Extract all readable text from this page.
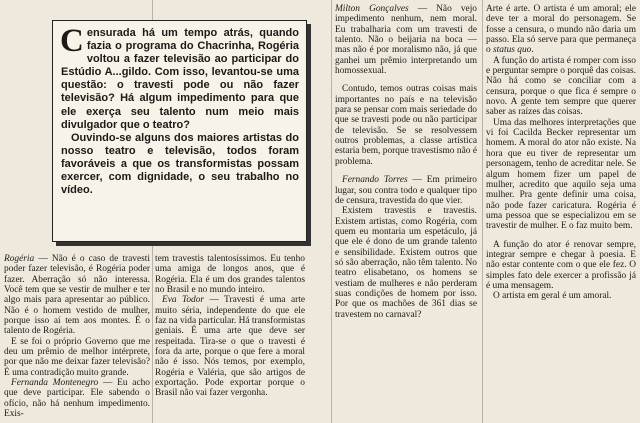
Rogéria — Não é o caso de travesti poder fazer televisão, é Rogéria poder fazer. Aberração só não interessa. Você tem que se vestir de mulher e ter algo mais para apresentar ao público. Não é o homem vestido de mulher, porque isso aí tem aos montes. É o talento de Rogéria.

E se foi o próprio Governo que me deu um prêmio de melhor intérprete, por que não me deixar fazer televisão? É uma contradição muito grande.

Fernanda Montenegro — Eu acho que deve participar. Ele sabendo o ofício, não há nenhum impedimento. Exis-

tem travestis talentosíssimos. Eu tenho uma amiga de longos anos, que é Rogéria. Ela é um dos grandes talentos no Brasil e no mundo inteiro.

Eva Todor — Travesti é uma arte muito séria, independente do que ele faz na vida particular. Há transformistas geniais. É uma arte que deve ser respeitada. Tira-se o que o travesti é fora da arte, porque o que fere a moral não é isso. Nós temos, por exemplo, Rogéria e Valéria, que são artigos de exportação. Pode exportar porque o Brasil não vai fazer vergonha.

Milton Gonçalves — Não vejo impedimento nenhum, nem moral. Eu trabalharia com um travesti de talento. Não o beijaria na boca — mas não é por moralismo não, já que ganhei um prêmio interpretando um homossexual.

Contudo, temos outras coisas mais importantes no país e na televisão para se pensar com mais seriedade do que se travesti pode ou não participar de televisão. Se se resolvessem outros problemas, a classe artística estaria bem, porque travestismo não é problema.

Fernando Torres — Em primeiro lugar, sou contra todo e qualquer tipo de censura, travestida do que vier.

Existem travestis e travestis. Existem artistas, como Rogéria, com quem eu montaria um espetáculo, já que ele é dono de um grande talento e sensibilidade. Existem outros que só são aberração, não têm talento. No teatro elisabetano, os homens se vestiam de mulheres e não perderam suas condições de homem por isso. Por que os machões de 361 dias se travestem no carnaval?

Arte é arte. O artista é um amoral; ele deve ter a moral do personagem. Se fosse a censura, o mundo não daria um passo. Ela só serve para que permaneça o status quo.

A função do artista é romper com isso e perguntar sempre o porquê das coisas. Não há como se conciliar com a censura, porque o que fica é sempre o novo. A gente tem sempre que querer saber as raízes das coisas.

Uma das melhores interpretações que vi foi Cacilda Becker representar um homem. A moral do ator não existe. Na hora que eu tiver de representar um personagem, tenho de acreditar nele. Se algum homem fizer um papel de mulher, acredito que aquilo seja uma mulher. Pra gente definir uma coisa, não pode fazer caricatura. Rogéria é uma pessoa que se especializou em se travestir de mulher. E o faz muito bem.

A função do ator é renovar sempre, integrar sempre e chegar à poesia. E não estar contente com o que ele fez. O simples fato dele exercer a profissão já é uma mensagem.

O artista em geral é um amoral.

Censurada há um tempo atrás, quando fazia o programa do Chacrinha, Rogéria voltou a fazer televisão ao participar do Estúdio A...gildo. Com isso, levantou-se uma questão: o travesti pode ou não fazer televisão? Há algum impedimento para que ele exerça seu talento num meio mais divulgador que o teatro?

Ouvindo-se alguns dos maiores artistas do nosso teatro e televisão, todos foram favoráveis a que os transformistas possam exercer, com dignidade, o seu trabalho no vídeo.
